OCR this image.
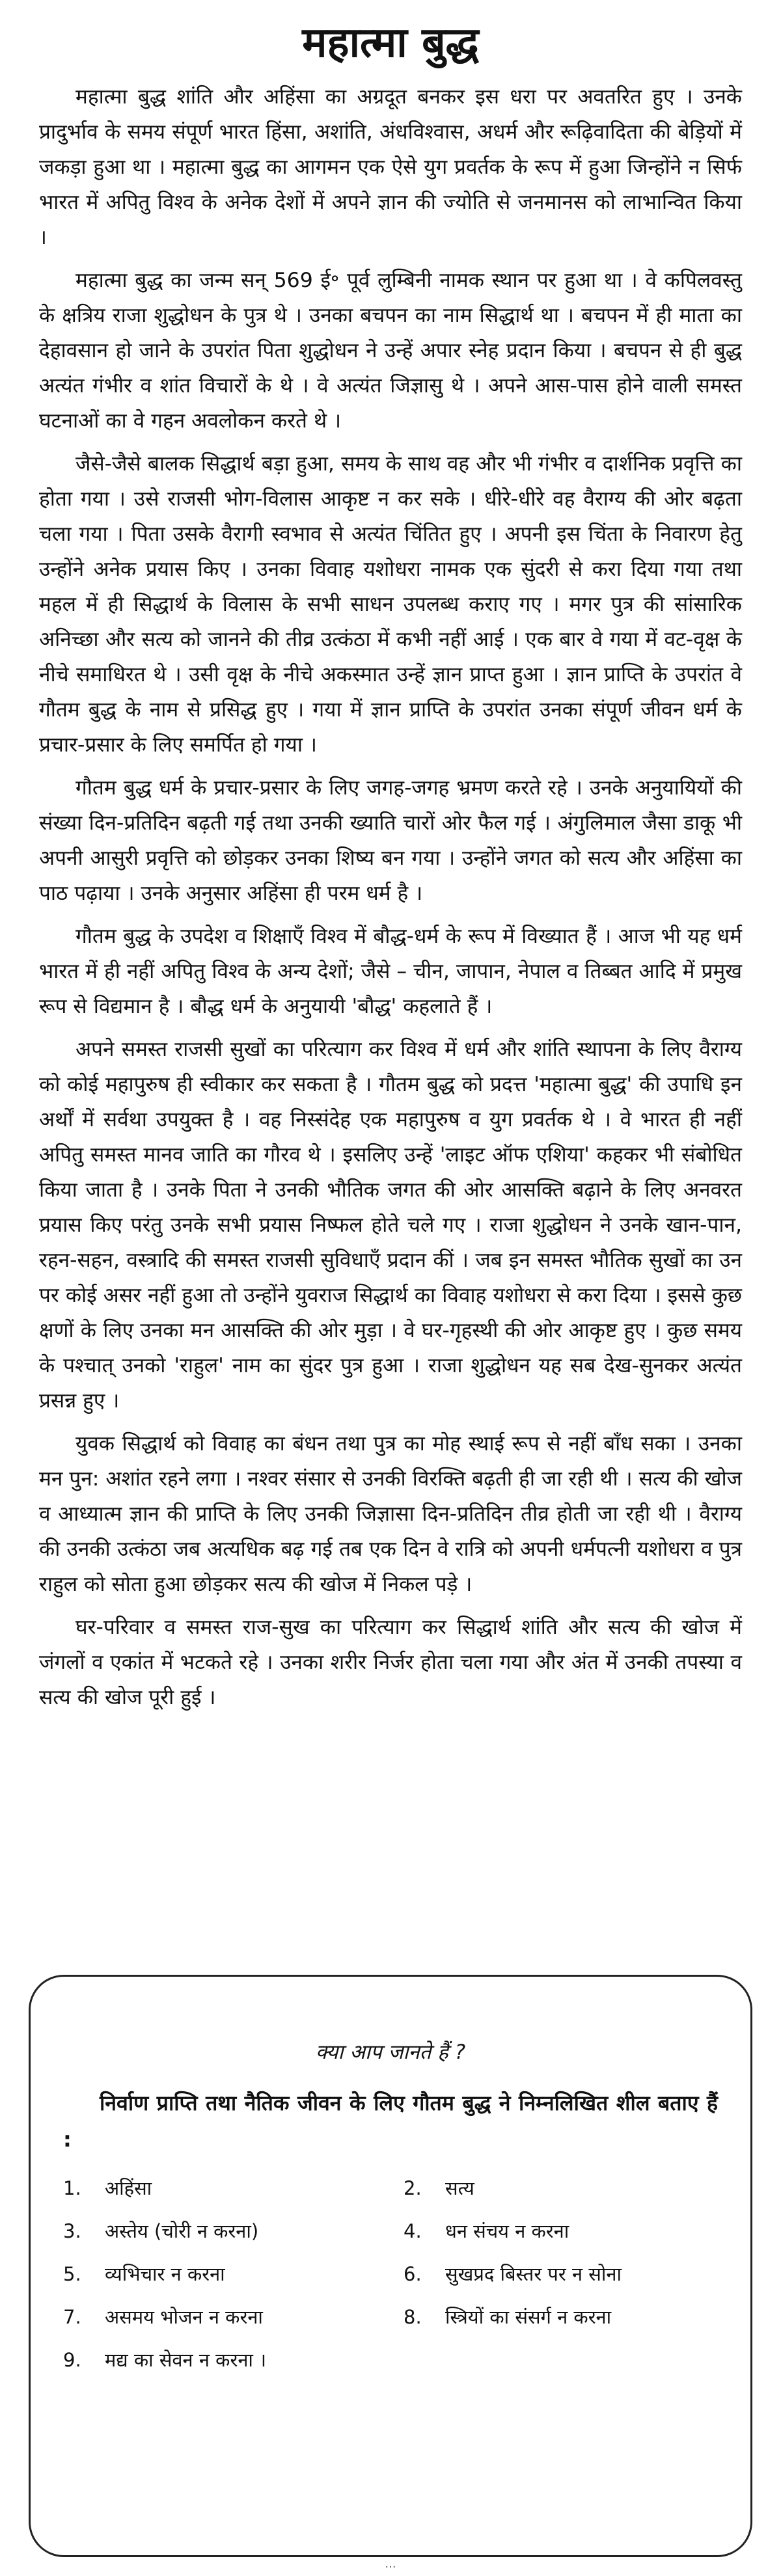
महात्मा बुद्ध

महात्मा बुद्ध शांति और अहिंसा का अग्रदूत बनकर इस धरा पर अवतरित हुए । उनके प्रादुर्भाव के समय संपूर्ण भारत हिंसा, अशांति, अंधविश्वास, अधर्म और रूढ़िवादिता की बेड़ियों में जकड़ा हुआ था । महात्मा बुद्ध का आगमन एक ऐसे युग प्रवर्तक के रूप में हुआ जिन्होंने न सिर्फ भारत में अपितु विश्व के अनेक देशों में अपने ज्ञान की ज्योति से जनमानस को लाभान्वित किया ।

महात्मा बुद्ध का जन्म सन् 569 ई॰ पूर्व लुम्बिनी नामक स्थान पर हुआ था । वे कपिलवस्तु के क्षत्रिय राजा शुद्धोधन के पुत्र थे । उनका बचपन का नाम सिद्धार्थ था । बचपन में ही माता का देहावसान हो जाने के उपरांत पिता शुद्धोधन ने उन्हें अपार स्नेह प्रदान किया । बचपन से ही बुद्ध अत्यंत गंभीर व शांत विचारों के थे । वे अत्यंत जिज्ञासु थे । अपने आस-पास होने वाली समस्त घटनाओं का वे गहन अवलोकन करते थे ।

जैसे-जैसे बालक सिद्धार्थ बड़ा हुआ, समय के साथ वह और भी गंभीर व दार्शनिक प्रवृत्ति का होता गया । उसे राजसी भोग-विलास आकृष्ट न कर सके । धीरे-धीरे वह वैराग्य की ओर बढ़ता चला गया । पिता उसके वैरागी स्वभाव से अत्यंत चिंतित हुए । अपनी इस चिंता के निवारण हेतु उन्होंने अनेक प्रयास किए । उनका विवाह यशोधरा नामक एक सुंदरी से करा दिया गया तथा महल में ही सिद्धार्थ के विलास के सभी साधन उपलब्ध कराए गए । मगर पुत्र की सांसारिक अनिच्छा और सत्य को जानने की तीव्र उत्कंठा में कभी नहीं आई । एक बार वे गया में वट-वृक्ष के नीचे समाधिरत थे । उसी वृक्ष के नीचे अकस्मात उन्हें ज्ञान प्राप्त हुआ । ज्ञान प्राप्ति के उपरांत वे गौतम बुद्ध के नाम से प्रसिद्ध हुए । गया में ज्ञान प्राप्ति के उपरांत उनका संपूर्ण जीवन धर्म के प्रचार-प्रसार के लिए समर्पित हो गया ।

गौतम बुद्ध धर्म के प्रचार-प्रसार के लिए जगह-जगह भ्रमण करते रहे । उनके अनुयायियों की संख्या दिन-प्रतिदिन बढ़ती गई तथा उनकी ख्याति चारों ओर फैल गई । अंगुलिमाल जैसा डाकू भी अपनी आसुरी प्रवृत्ति को छोड़कर उनका शिष्य बन गया । उन्होंने जगत को सत्य और अहिंसा का पाठ पढ़ाया । उनके अनुसार अहिंसा ही परम धर्म है ।

गौतम बुद्ध के उपदेश व शिक्षाएँ विश्व में बौद्ध-धर्म के रूप में विख्यात हैं । आज भी यह धर्म भारत में ही नहीं अपितु विश्व के अन्य देशों; जैसे – चीन, जापान, नेपाल व तिब्बत आदि में प्रमुख रूप से विद्यमान है । बौद्ध धर्म के अनुयायी 'बौद्ध' कहलाते हैं ।

अपने समस्त राजसी सुखों का परित्याग कर विश्व में धर्म और शांति स्थापना के लिए वैराग्य को कोई महापुरुष ही स्वीकार कर सकता है । गौतम बुद्ध को प्रदत्त 'महात्मा बुद्ध' की उपाधि इन अर्थों में सर्वथा उपयुक्त है । वह निस्संदेह एक महापुरुष व युग प्रवर्तक थे । वे भारत ही नहीं अपितु समस्त मानव जाति का गौरव थे । इसलिए उन्हें 'लाइट ऑफ एशिया' कहकर भी संबोधित किया जाता है । उनके पिता ने उनकी भौतिक जगत की ओर आसक्ति बढ़ाने के लिए अनवरत प्रयास किए परंतु उनके सभी प्रयास निष्फल होते चले गए । राजा शुद्धोधन ने उनके खान-पान, रहन-सहन, वस्त्रादि की समस्त राजसी सुविधाएँ प्रदान कीं । जब इन समस्त भौतिक सुखों का उन पर कोई असर नहीं हुआ तो उन्होंने युवराज सिद्धार्थ का विवाह यशोधरा से करा दिया । इससे कुछ क्षणों के लिए उनका मन आसक्ति की ओर मुड़ा । वे घर-गृहस्थी की ओर आकृष्ट हुए । कुछ समय के पश्चात् उनको 'राहुल' नाम का सुंदर पुत्र हुआ । राजा शुद्धोधन यह सब देख-सुनकर अत्यंत प्रसन्न हुए ।

युवक सिद्धार्थ को विवाह का बंधन तथा पुत्र का मोह स्थाई रूप से नहीं बाँध सका । उनका मन पुन: अशांत रहने लगा । नश्वर संसार से उनकी विरक्ति बढ़ती ही जा रही थी । सत्य की खोज व आध्यात्म ज्ञान की प्राप्ति के लिए उनकी जिज्ञासा दिन-प्रतिदिन तीव्र होती जा रही थी । वैराग्य की उनकी उत्कंठा जब अत्यधिक बढ़ गई तब एक दिन वे रात्रि को अपनी धर्मपत्नी यशोधरा व पुत्र राहुल को सोता हुआ छोड़कर सत्य की खोज में निकल पड़े ।

घर-परिवार व समस्त राज-सुख का परित्याग कर सिद्धार्थ शांति और सत्य की खोज में जंगलों व एकांत में भटकते रहे । उनका शरीर निर्जर होता चला गया और अंत में उनकी तपस्या व सत्य की खोज पूरी हुई ।

क्या आप जानते हैं ?

निर्वाण प्राप्ति तथा नैतिक जीवन के लिए गौतम बुद्ध ने निम्नलिखित शील बताए हैं :

1.	अहिंसा	2.	सत्य
3.	अस्तेय (चोरी न करना)	4.	धन संचय न करना
5.	व्यभिचार न करना	6.	सुखप्रद बिस्तर पर न सोना
7.	असमय भोजन न करना	8.	स्त्रियों का संसर्ग न करना
9.	मद्य का सेवन न करना ।
...
